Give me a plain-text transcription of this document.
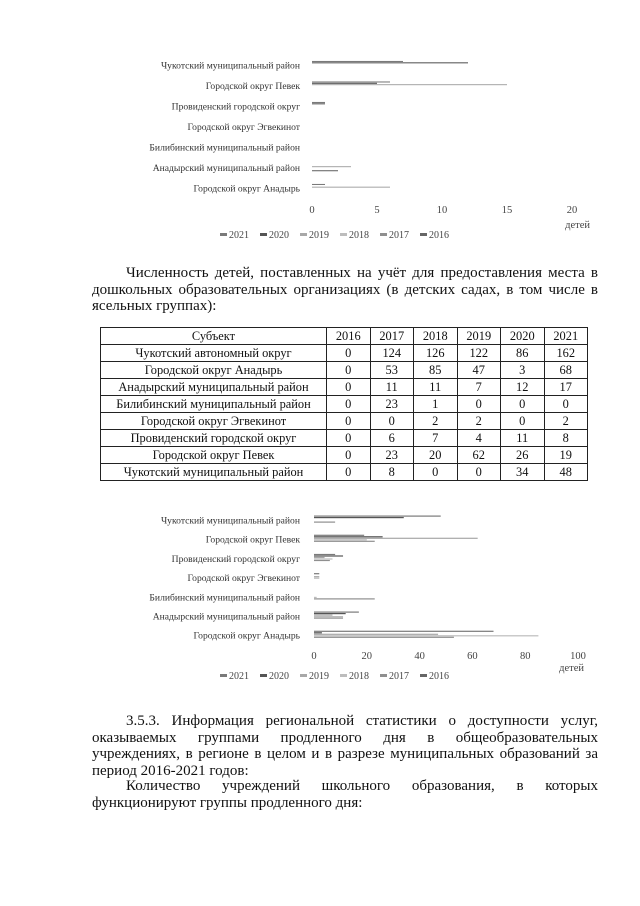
Чукотский муниципальный район
Городской округ Певек
Провиденский городской округ
Городской округ Эгвекинот
Билибинский муниципальный район
Анадырский муниципальный район
Городской округ Анадырь
0	5	10	15	20
детей
2021 2020 2019 2018 2017 2016

Численность детей, поставленных на учёт для предоставления места в дошкольных образовательных организациях (в детских садах, в том числе в ясельных группах):

Субъект	2016	2017	2018	2019	2020	2021
Чукотский автономный округ	0	124	126	122	86	162
Городской округ Анадырь	0	53	85	47	3	68
Анадырский муниципальный район	0	11	11	7	12	17
Билибинский муниципальный район	0	23	1	0	0	0
Городской округ Эгвекинот	0	0	2	2	0	2
Провиденский городской округ	0	6	7	4	11	8
Городской округ Певек	0	23	20	62	26	19
Чукотский муниципальный район	0	8	0	0	34	48
Чукотский муниципальный район
Городской округ Певек
Провиденский городской округ
Городской округ Эгвекинот
Билибинский муниципальный район
Анадырский муниципальный район
Городской округ Анадырь
0	20	40	60	80	100
детей
2021 2020 2019 2018 2017 2016

3.5.3. Информация региональной статистики о доступности услуг, оказываемых группами продленного дня в общеобразовательных учреждениях, в регионе в целом и в разрезе муниципальных образований за период 2016-2021 годов:

Количество учреждений школьного образования, в которых функционируют группы продленного дня:
